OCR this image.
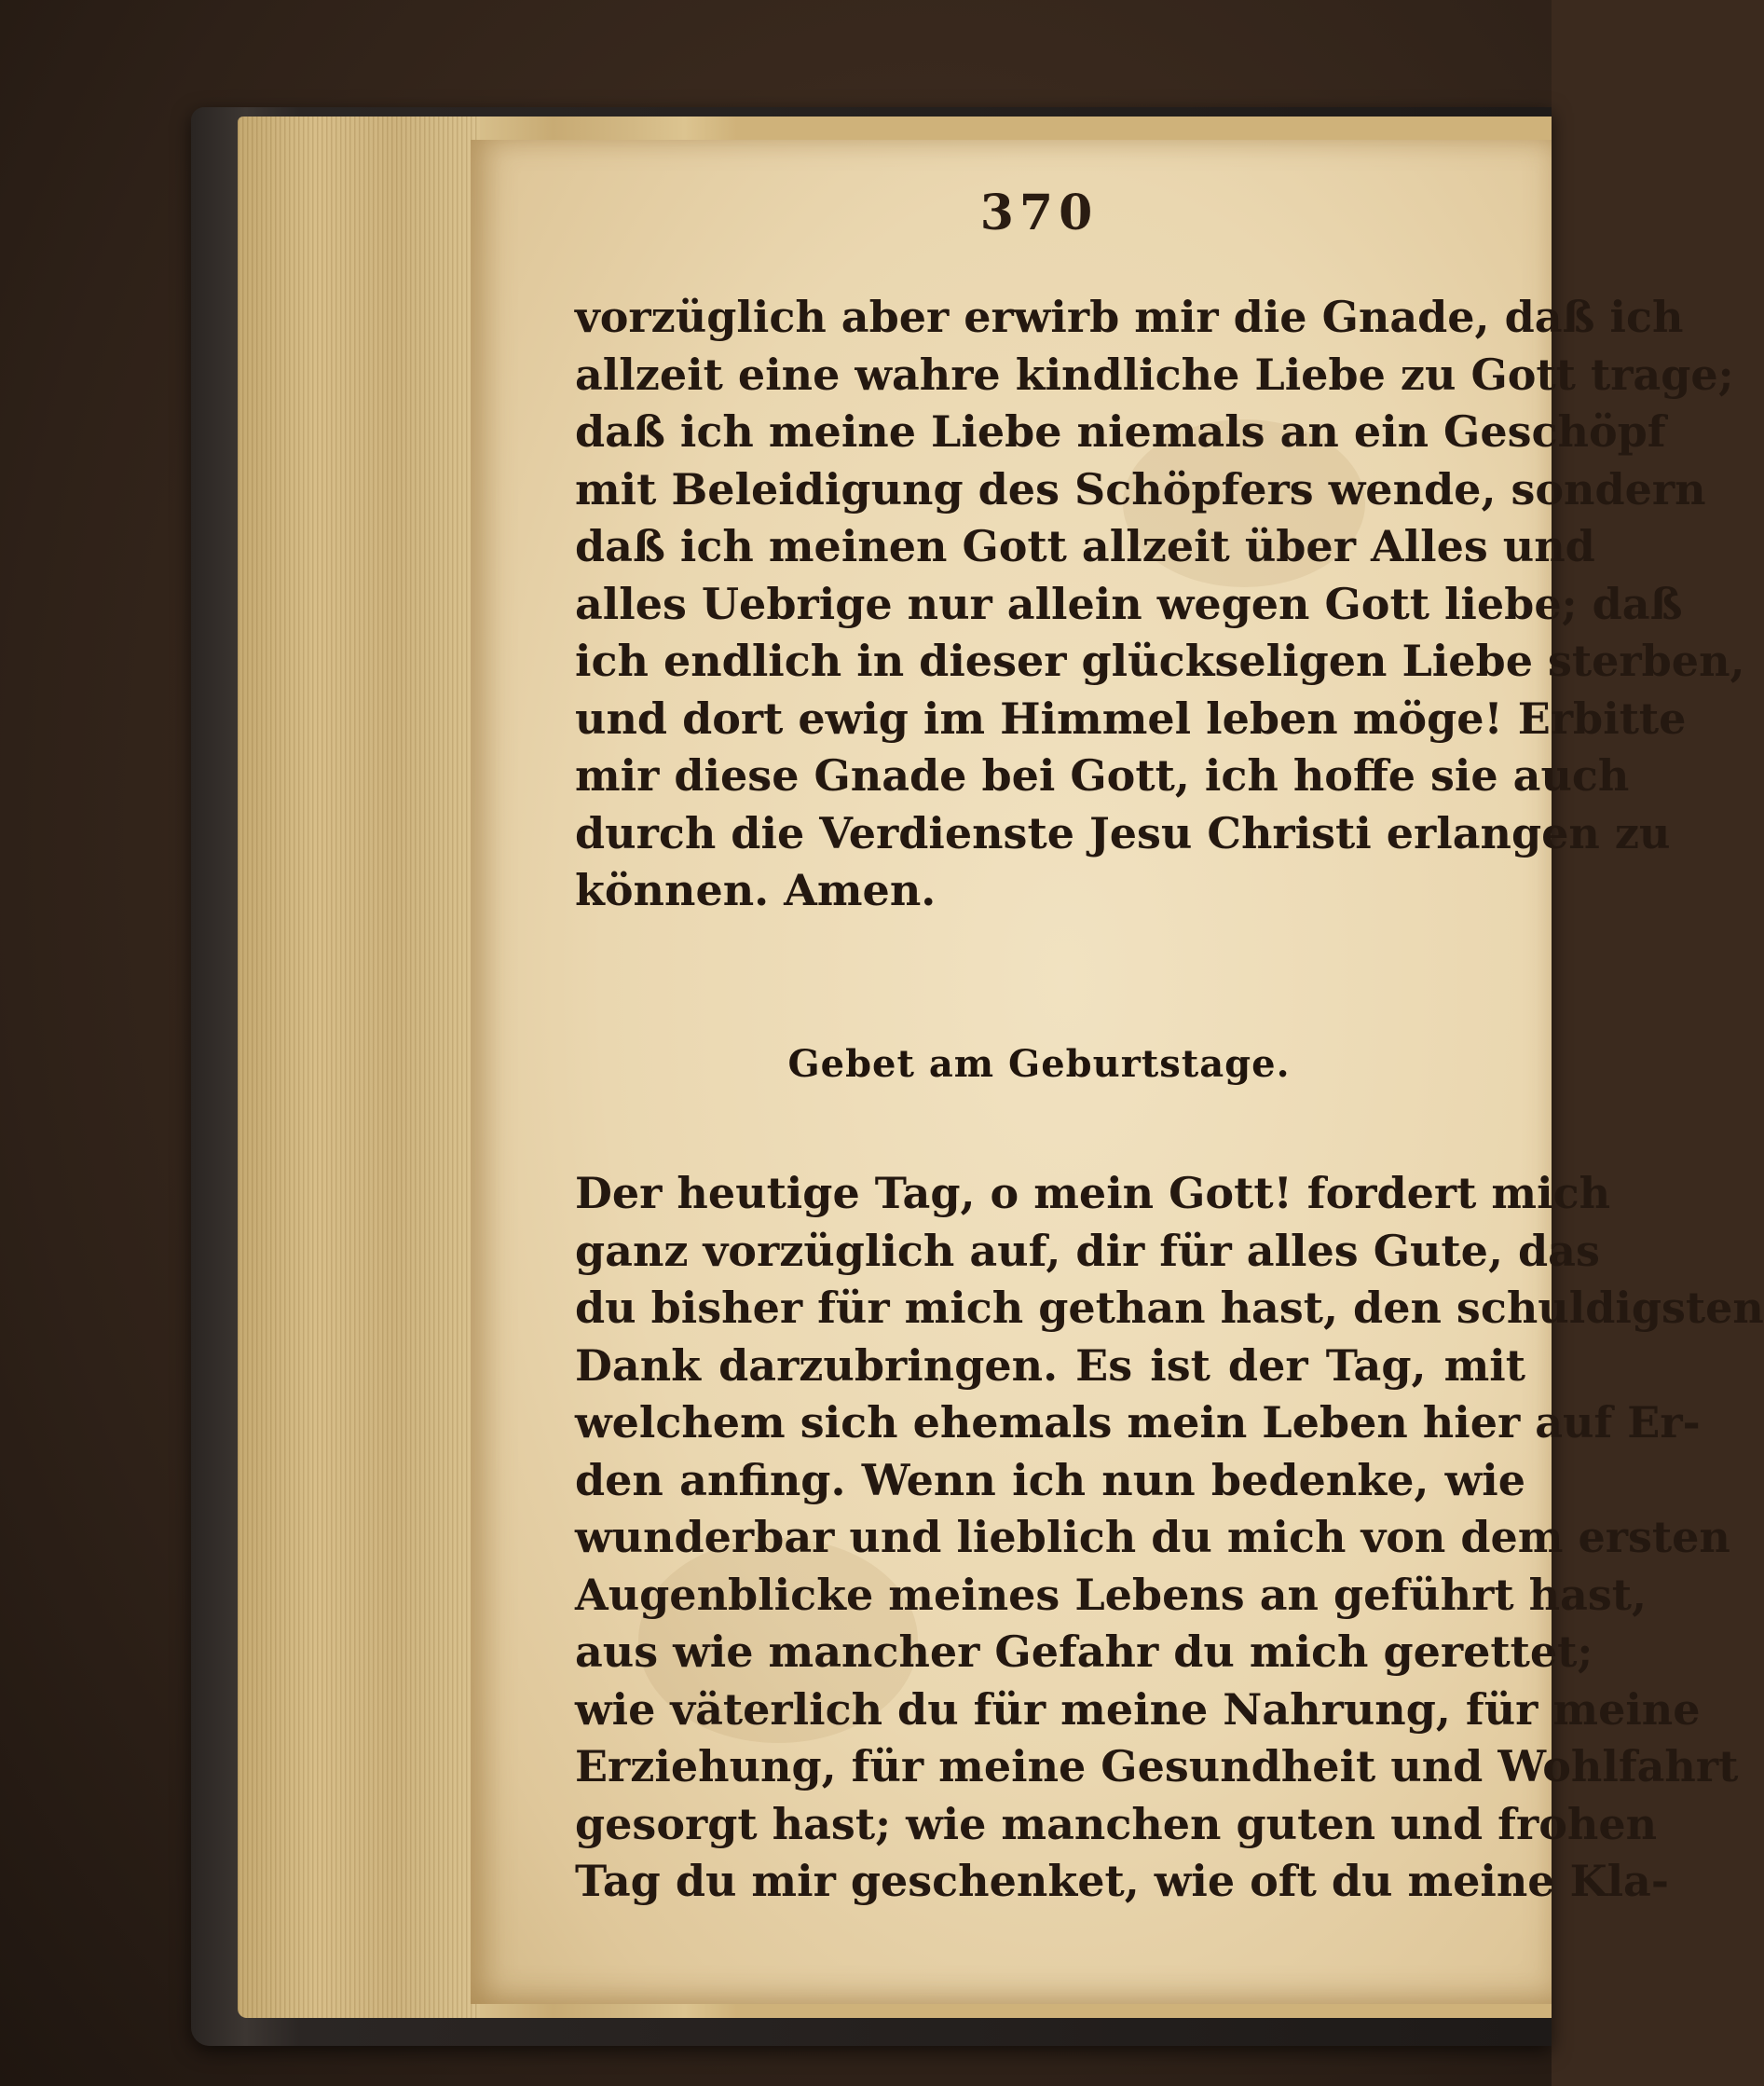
370
vorzüglich aber erwirb mir die Gnade, daß ich
allzeit eine wahre kindliche Liebe zu Gott trage;
daß ich meine Liebe niemals an ein Geschöpf
mit Beleidigung des Schöpfers wende, sondern
daß ich meinen Gott allzeit über Alles und
alles Uebrige nur allein wegen Gott liebe; daß
ich endlich in dieser glückseligen Liebe sterben,
und dort ewig im Himmel leben möge! Erbitte
mir diese Gnade bei Gott, ich hoffe sie auch
durch die Verdienste Jesu Christi erlangen zu
können. Amen.
Gebet am Geburtstage.
Der heutige Tag, o mein Gott! fordert mich
ganz vorzüglich auf, dir für alles Gute, das
du bisher für mich gethan hast, den schuldigsten
Dank darzubringen. Es ist der Tag, mit
welchem sich ehemals mein Leben hier auf Er-
den anfing. Wenn ich nun bedenke, wie
wunderbar und lieblich du mich von dem ersten
Augenblicke meines Lebens an geführt hast,
aus wie mancher Gefahr du mich gerettet;
wie väterlich du für meine Nahrung, für meine
Erziehung, für meine Gesundheit und Wohlfahrt
gesorgt hast; wie manchen guten und frohen
Tag du mir geschenket, wie oft du meine Kla-
